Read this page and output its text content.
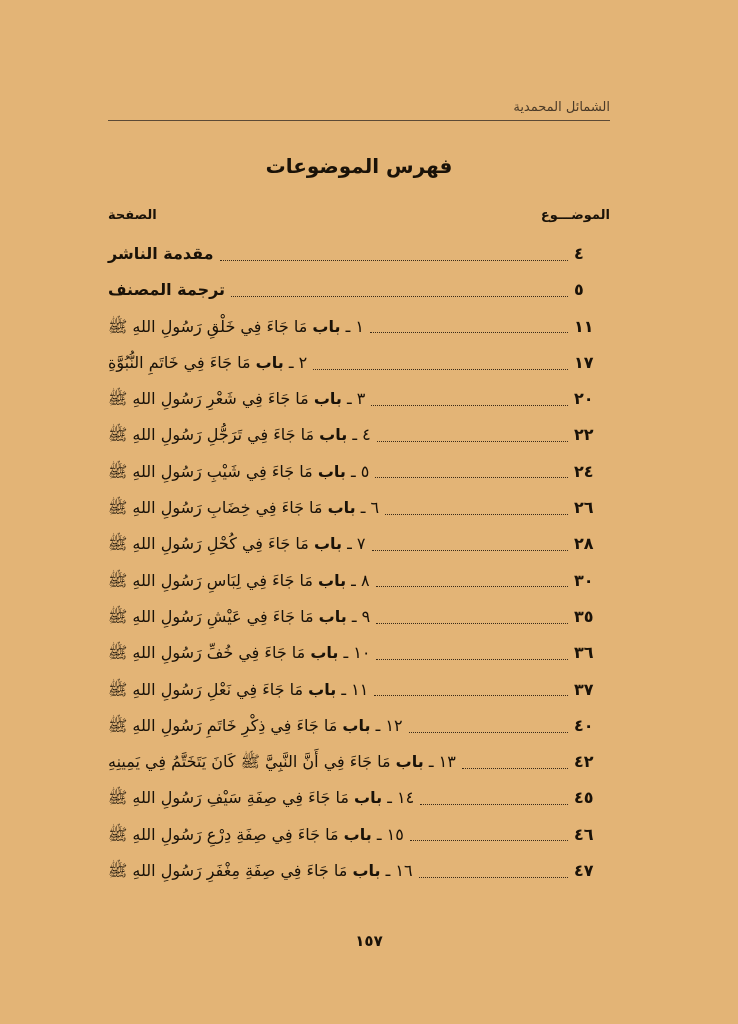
الشمائل المحمدية
فهرس الموضوعات
الموضـــوع
الصفحة
مقدمة الناشر	٤
ترجمة المصنف	٥
١ ـ باب مَا جَاءَ فِي خَلْقِ رَسُولِ اللهِ ﷺ	١١
٢ ـ باب مَا جَاءَ فِي خَاتَمِ النُّبُوَّةِ	١٧
٣ ـ باب مَا جَاءَ فِي شَعْرِ رَسُولِ اللهِ ﷺ	٢٠
٤ ـ باب مَا جَاءَ فِي تَرَجُّلِ رَسُولِ اللهِ ﷺ	٢٢
٥ ـ باب مَا جَاءَ فِي شَيْبِ رَسُولِ اللهِ ﷺ	٢٤
٦ ـ باب مَا جَاءَ فِي خِضَابِ رَسُولِ اللهِ ﷺ	٢٦
٧ ـ باب مَا جَاءَ فِي كُحْلِ رَسُولِ اللهِ ﷺ	٢٨
٨ ـ باب مَا جَاءَ فِي لِبَاسِ رَسُولِ اللهِ ﷺ	٣٠
٩ ـ باب مَا جَاءَ فِي عَيْشِ رَسُولِ اللهِ ﷺ	٣٥
١٠ ـ باب مَا جَاءَ فِي خُفِّ رَسُولِ اللهِ ﷺ	٣٦
١١ ـ باب مَا جَاءَ فِي نَعْلِ رَسُولِ اللهِ ﷺ	٣٧
١٢ ـ باب مَا جَاءَ فِي ذِكْرِ خَاتَمِ رَسُولِ اللهِ ﷺ	٤٠
١٣ ـ باب مَا جَاءَ فِي أَنَّ النَّبِيَّ ﷺ كَانَ يَتَخَتَّمُ فِي يَمِينِهِ	٤٢
١٤ ـ باب مَا جَاءَ فِي صِفَةِ سَيْفِ رَسُولِ اللهِ ﷺ	٤٥
١٥ ـ باب مَا جَاءَ فِي صِفَةِ دِرْعِ رَسُولِ اللهِ ﷺ	٤٦
١٦ ـ باب مَا جَاءَ فِي صِفَةِ مِغْفَرِ رَسُولِ اللهِ ﷺ	٤٧
١٥٧
